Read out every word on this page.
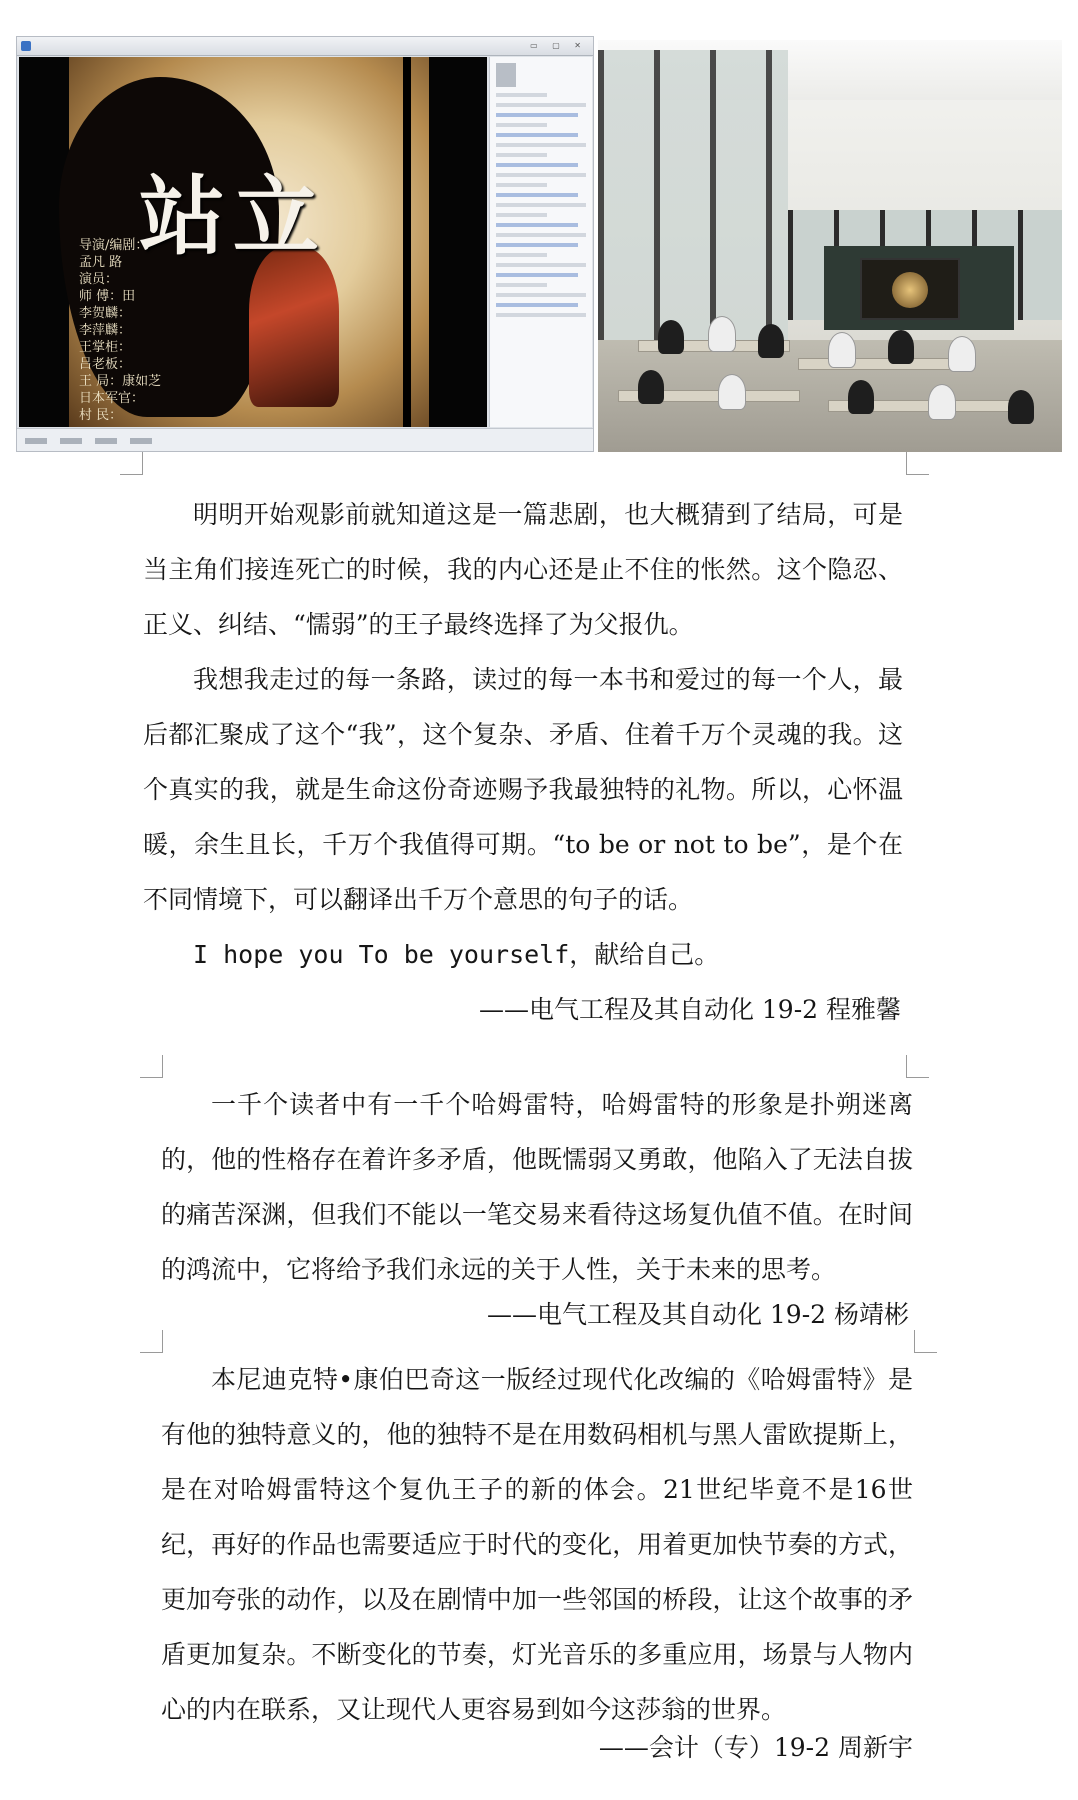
▭ ▢ ✕
站立
导演/编剧：
孟凡 路
演员：
师 傅：田
李贺麟：
李萍麟：
王掌柜：
吕老板：
王 局：康如芝
日本军官：
村 民：

明明开始观影前就知道这是一篇悲剧，也大概猜到了结局，可是当主角们接连死亡的时候，我的内心还是止不住的怅然。这个隐忍、正义、纠结、“懦弱”的王子最终选择了为父报仇。

我想我走过的每一条路，读过的每一本书和爱过的每一个人，最后都汇聚成了这个“我”，这个复杂、矛盾、住着千万个灵魂的我。这个真实的我，就是生命这份奇迹赐予我最独特的礼物。所以，心怀温暖，余生且长，千万个我值得可期。“to be or not to be”，是个在不同情境下，可以翻译出千万个意思的句子的话。

I hope you To be yourself，献给自己。

——电气工程及其自动化 19-2 程雅馨

一千个读者中有一千个哈姆雷特，哈姆雷特的形象是扑朔迷离的，他的性格存在着许多矛盾，他既懦弱又勇敢，他陷入了无法自拔的痛苦深渊，但我们不能以一笔交易来看待这场复仇值不值。在时间的鸿流中，它将给予我们永远的关于人性，关于未来的思考。

——电气工程及其自动化 19-2 杨靖彬

本尼迪克特•康伯巴奇这一版经过现代化改编的《哈姆雷特》是有他的独特意义的，他的独特不是在用数码相机与黑人雷欧提斯上，是在对哈姆雷特这个复仇王子的新的体会。21世纪毕竟不是16世纪，再好的作品也需要适应于时代的变化，用着更加快节奏的方式，更加夸张的动作，以及在剧情中加一些邻国的桥段，让这个故事的矛盾更加复杂。不断变化的节奏，灯光音乐的多重应用，场景与人物内心的内在联系，又让现代人更容易到如今这莎翁的世界。

——会计（专）19-2 周新宇
